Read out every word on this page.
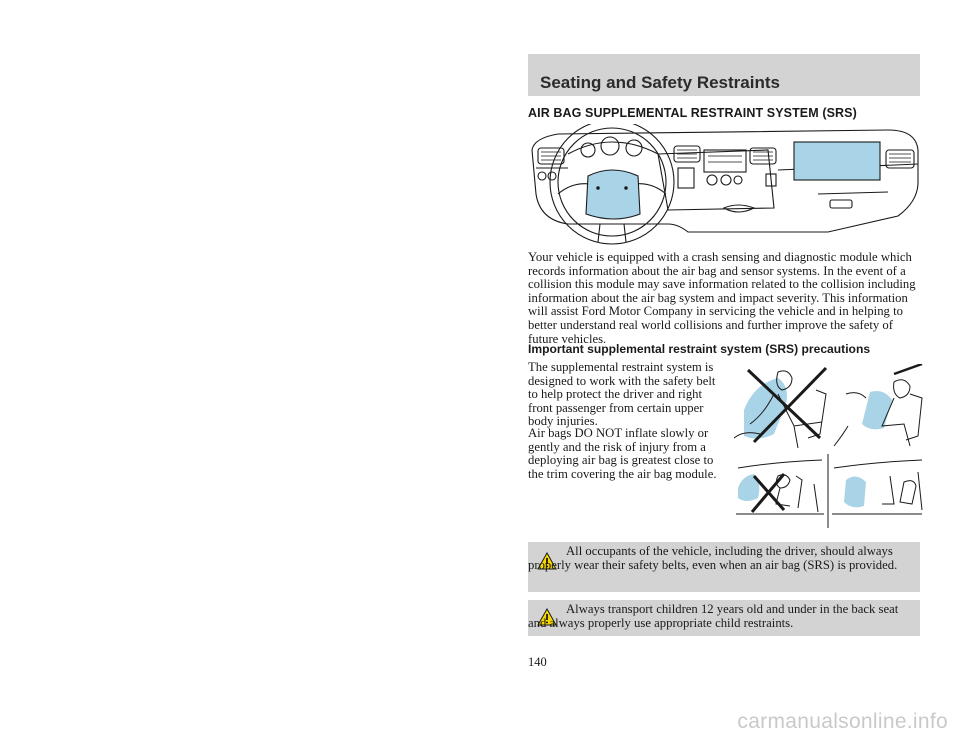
Seating and Safety Restraints
AIR BAG SUPPLEMENTAL RESTRAINT SYSTEM (SRS)

Your vehicle is equipped with a crash sensing and diagnostic module which records information about the air bag and sensor systems. In the event of a collision this module may save information related to the collision including information about the air bag system and impact severity. This information will assist Ford Motor Company in servicing the vehicle and in helping to better understand real world collisions and further improve the safety of future vehicles.

Important supplemental restraint system (SRS) precautions

The supplemental restraint system is designed to work with the safety belt to help protect the driver and right front passenger from certain upper body injuries.

Air bags DO NOT inflate slowly or gently and the risk of injury from a deploying air bag is greatest close to the trim covering the air bag module.

All occupants of the vehicle, including the driver, should always properly wear their safety belts, even when an air bag (SRS) is provided.

Always transport children 12 years old and under in the back seat and always properly use appropriate child restraints.

140
carmanualsonline.info
